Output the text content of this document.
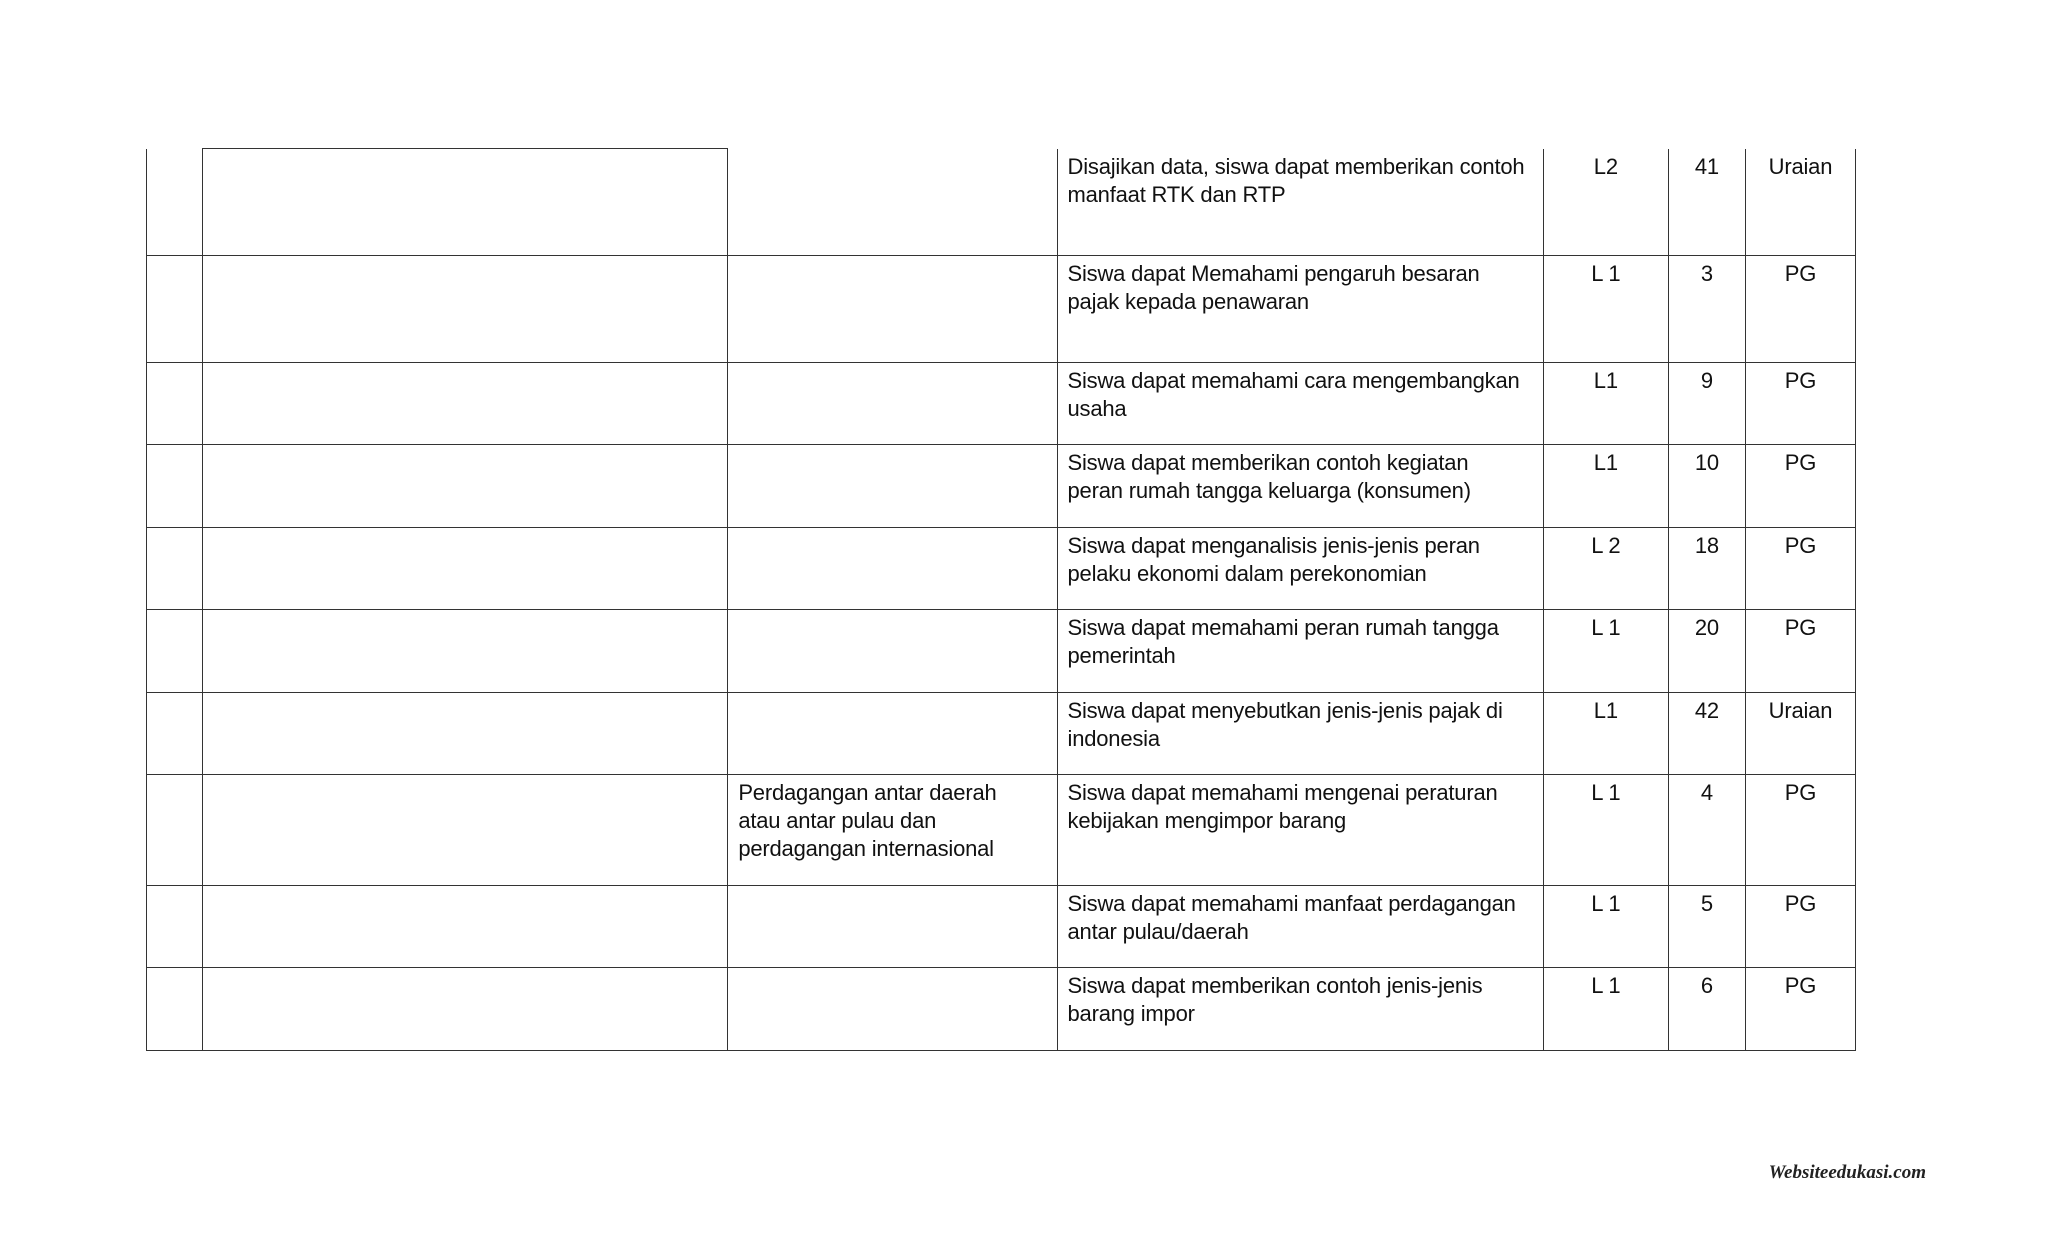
			Disajikan data, siswa dapat memberikan contoh manfaat RTK dan RTP	L2	41	Uraian

			Siswa dapat Memahami pengaruh besaran pajak kepada penawaran	L 1	3	PG

			Siswa dapat memahami cara mengembangkan usaha	L1	9	PG

			Siswa dapat memberikan contoh kegiatan peran rumah tangga keluarga (konsumen)	L1	10	PG

			Siswa dapat menganalisis jenis-jenis peran pelaku ekonomi dalam perekonomian	L 2	18	PG

			Siswa dapat memahami peran rumah tangga pemerintah	L 1	20	PG

			Siswa dapat menyebutkan jenis-jenis pajak di indonesia	L1	42	Uraian

		Perdagangan antar daerah atau antar pulau dan perdagangan internasional	Siswa dapat memahami mengenai peraturan kebijakan mengimpor barang	L 1	4	PG

			Siswa dapat memahami manfaat perdagangan antar pulau/daerah	L 1	5	PG

			Siswa dapat memberikan contoh jenis-jenis barang impor	L 1	6	PG
Websiteedukasi.com
